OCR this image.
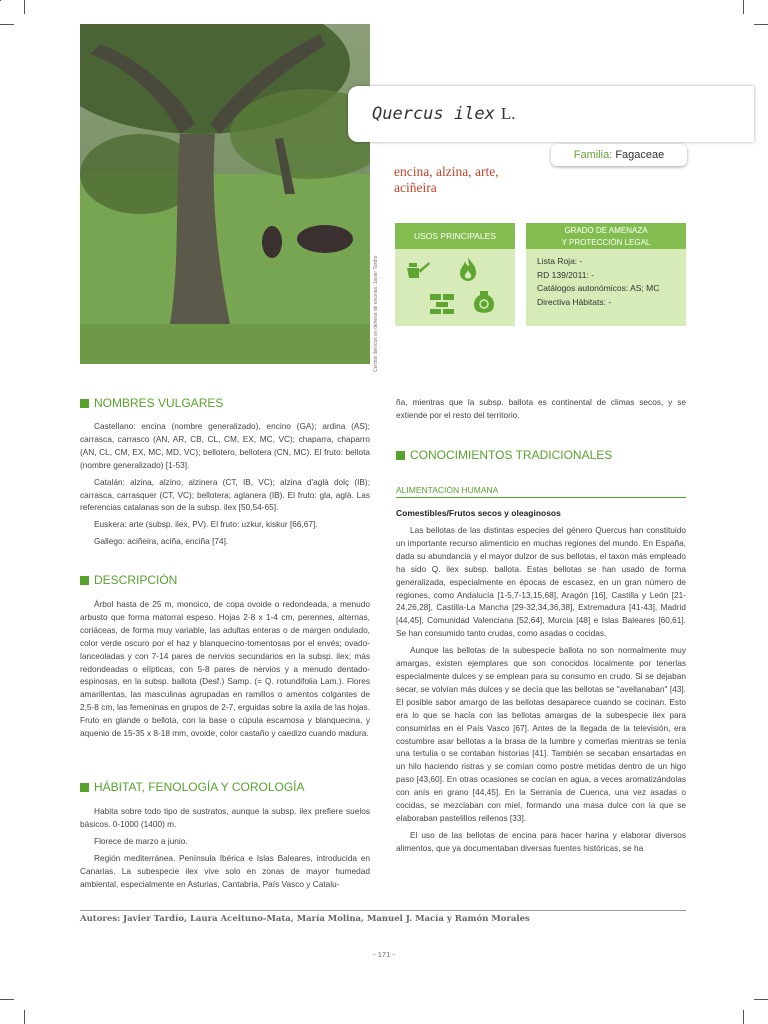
Cerdos ibéricos en dehesa de encinas. Javier Tardío
Quercus ilex L.
Familia: Fagaceae
encina, alzina, arte, aciñeira
USOS PRINCIPALES
GRADO DE AMENAZA
Y PROTECCIÓN LEGAL
Lista Roja: -
RD 139/2011: -
Catálogos autonómicos: AS; MC
Directiva Hábitats: -
NOMBRES VULGARES

Castellano: encina (nombre generalizado), encino (GA); ardina (AS); carrasca, carrasco (AN, AR, CB, CL, CM, EX, MC, VC); chaparra, chaparro (AN, CL, CM, EX, MC, MD, VC); bellotero, bellotera (CN, MC). El fruto: bellota (nombre generalizado) [1-53].

Catalán: alzina, alzino, alzinera (CT, IB, VC); alzina d'aglà dolç (IB); carrasca, carrasquer (CT, VC); bellotera; aglanera (IB). El fruto: gla, aglà. Las referencias catalanas son de la subsp. ilex [50,54-65].

Euskera: arte (subsp. ilex, PV). El fruto: uzkur, kiskur [66,67].

Gallego: aciñeira, aciña, enciña [74].

DESCRIPCIÓN

Árbol hasta de 25 m, monoico, de copa ovoide o redondeada, a menudo arbusto que forma matorral espeso. Hojas 2-8 x 1-4 cm, perennes, alternas, coriáceas, de forma muy variable, las adultas enteras o de margen ondulado, color verde oscuro por el haz y blanquecino-tomentosas por el envés; ovado-lanceoladas y con 7-14 pares de nervios secundarios en la subsp. ilex; más redondeadas o elípticas, con 5-8 pares de nervios y a menudo dentado-espinosas, en la subsp. ballota (Desf.) Samp. (= Q. rotundifolia Lam.). Flores amarillentas, las masculinas agrupadas en ramillos o amentos colgantes de 2,5-8 cm, las femeninas en grupos de 2-7, erguidas sobre la axila de las hojas. Fruto en glande o bellota, con la base o cúpula escamosa y blanquecina, y aquenio de 15-35 x 8-18 mm, ovoide, color castaño y caedizo cuando madura.

HÁBITAT, FENOLOGÍA Y COROLOGÍA

Habita sobre todo tipo de sustratos, aunque la subsp. ilex prefiere suelos básicos. 0-1000 (1400) m.

Florece de marzo a junio.

Región mediterránea. Península Ibérica e Islas Baleares, introducida en Canarias. La subespecie ilex vive solo en zonas de mayor humedad ambiental, especialmente en Asturias, Cantabria, País Vasco y Catalu-

ña, mientras que la subsp. ballota es continental de climas secos, y se extiende por el resto del territorio.

CONOCIMIENTOS TRADICIONALES
ALIMENTACIÓN HUMANA
Comestibles/Frutos secos y oleaginosos

Las bellotas de las distintas especies del género Quercus han constituido un importante recurso alimenticio en muchas regiones del mundo. En España, dada su abundancia y el mayor dulzor de sus bellotas, el taxon más empleado ha sido Q. ilex subsp. ballota. Estas bellotas se han usado de forma generalizada, especialmente en épocas de escasez, en un gran número de regiones, como Andalucía [1-5,7-13,15,68], Aragón [16], Castilla y León [21-24,26,28], Castilla-La Mancha [29-32,34,36,38], Extremadura [41-43], Madrid [44,45], Comunidad Valenciana [52,64], Murcia [48] e Islas Baleares [60,61]. Se han consumido tanto crudas, como asadas o cocidas.

Aunque las bellotas de la subespecie ballota no son normalmente muy amargas, existen ejemplares que son conocidos localmente por tenerlas especialmente dulces y se emplean para su consumo en crudo. Si se dejaban secar, se volvían más dulces y se decía que las bellotas se "avellanaban" [43]. El posible sabor amargo de las bellotas desaparece cuando se cocinan. Esto era lo que se hacía con las bellotas amargas de la subespecie ilex para consumirlas en el País Vasco [67]. Antes de la llegada de la televisión, era costumbre asar bellotas a la brasa de la lumbre y comerlas mientras se tenía una tertulia o se contaban historias [41]. También se secaban ensartadas en un hilo haciendo ristras y se comían como postre metidas dentro de un higo paso [43,60]. En otras ocasiones se cocían en agua, a veces aromatizándolas con anís en grano [44,45]. En la Serranía de Cuenca, una vez asadas o cocidas, se mezclaban con miel, formando una masa dulce con la que se elaboraban pastelillos rellenos [33].

El uso de las bellotas de encina para hacer harina y elaborar diversos alimentos, que ya documentaban diversas fuentes históricas, se ha

Autores: Javier Tardío, Laura Aceituno-Mata, María Molina, Manuel J. Macía y Ramón Morales
- 171 -
